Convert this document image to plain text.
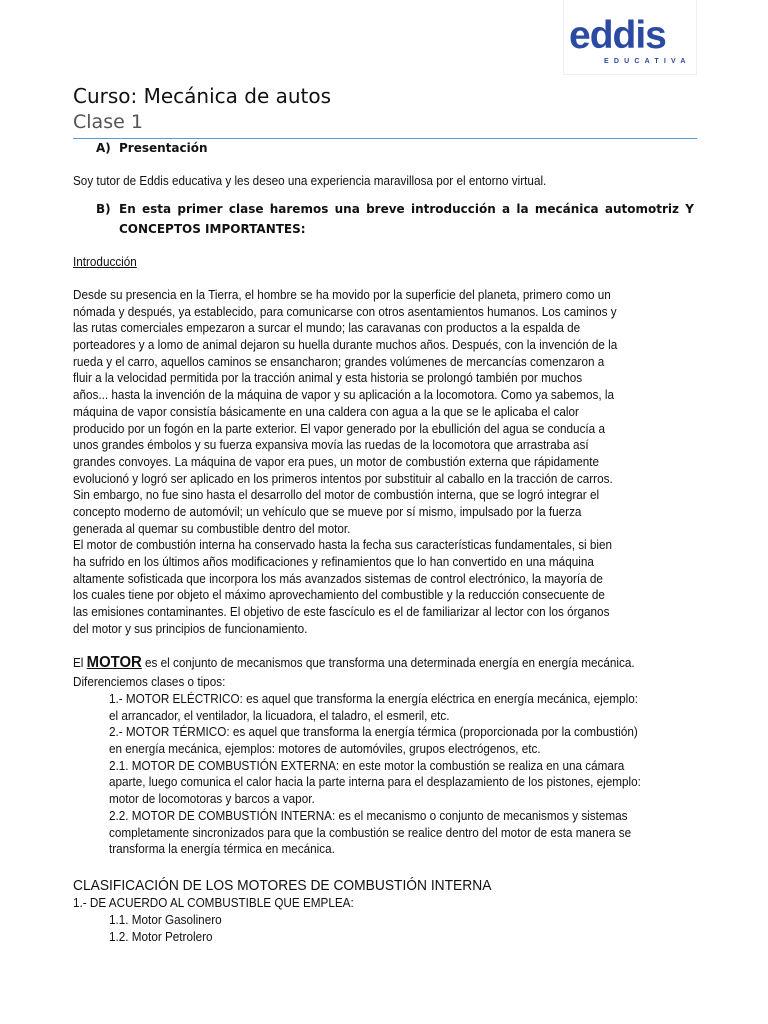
eddis
EDUCATIVA
Curso: Mecánica de autos
Clase 1
A) Presentación
Soy tutor de Eddis educativa y les deseo una experiencia maravillosa por el entorno virtual.
B) En esta primer clase haremos una breve introducción a la mecánica automotriz Y
CONCEPTOS IMPORTANTES:
Introducción
Desde su presencia en la Tierra, el hombre se ha movido por la superficie del planeta, primero como un
nómada y después, ya establecido, para comunicarse con otros asentamientos humanos. Los caminos y
las rutas comerciales empezaron a surcar el mundo; las caravanas con productos a la espalda de
porteadores y a lomo de animal dejaron su huella durante muchos años. Después, con la invención de la
rueda y el carro, aquellos caminos se ensancharon; grandes volúmenes de mercancías comenzaron a
fluir a la velocidad permitida por la tracción animal y esta historia se prolongó también por muchos
años... hasta la invención de la máquina de vapor y su aplicación a la locomotora. Como ya sabemos, la
máquina de vapor consistía básicamente en una caldera con agua a la que se le aplicaba el calor
producido por un fogón en la parte exterior. El vapor generado por la ebullición del agua se conducía a
unos grandes émbolos y su fuerza expansiva movía las ruedas de la locomotora que arrastraba así
grandes convoyes. La máquina de vapor era pues, un motor de combustión externa que rápidamente
evolucionó y logró ser aplicado en los primeros intentos por substituir al caballo en la tracción de carros.
Sin embargo, no fue sino hasta el desarrollo del motor de combustión interna, que se logró integrar el
concepto moderno de automóvil; un vehículo que se mueve por sí mismo, impulsado por la fuerza
generada al quemar su combustible dentro del motor.
El motor de combustión interna ha conservado hasta la fecha sus características fundamentales, si bien
ha sufrido en los últimos años modificaciones y refinamientos que lo han convertido en una máquina
altamente sofisticada que incorpora los más avanzados sistemas de control electrónico, la mayoría de
los cuales tiene por objeto el máximo aprovechamiento del combustible y la reducción consecuente de
las emisiones contaminantes. El objetivo de este fascículo es el de familiarizar al lector con los órganos
del motor y sus principios de funcionamiento.
El MOTOR es el conjunto de mecanismos que transforma una determinada energía en energía mecánica.
Diferenciemos clases o tipos:
1.- MOTOR ELÉCTRICO: es aquel que transforma la energía eléctrica en energía mecánica, ejemplo:
el arrancador, el ventilador, la licuadora, el taladro, el esmeril, etc.
2.- MOTOR TÉRMICO: es aquel que transforma la energía térmica (proporcionada por la combustión)
en energía mecánica, ejemplos: motores de automóviles, grupos electrógenos, etc.
2.1. MOTOR DE COMBUSTIÓN EXTERNA: en este motor la combustión se realiza en una cámara
aparte, luego comunica el calor hacia la parte interna para el desplazamiento de los pistones, ejemplo:
motor de locomotoras y barcos a vapor.
2.2. MOTOR DE COMBUSTIÓN INTERNA: es el mecanismo o conjunto de mecanismos y sistemas
completamente sincronizados para que la combustión se realice dentro del motor de esta manera se
transforma la energía térmica en mecánica.
CLASIFICACIÓN DE LOS MOTORES DE COMBUSTIÓN INTERNA
1.- DE ACUERDO AL COMBUSTIBLE QUE EMPLEA:
1.1. Motor Gasolinero
1.2. Motor Petrolero
